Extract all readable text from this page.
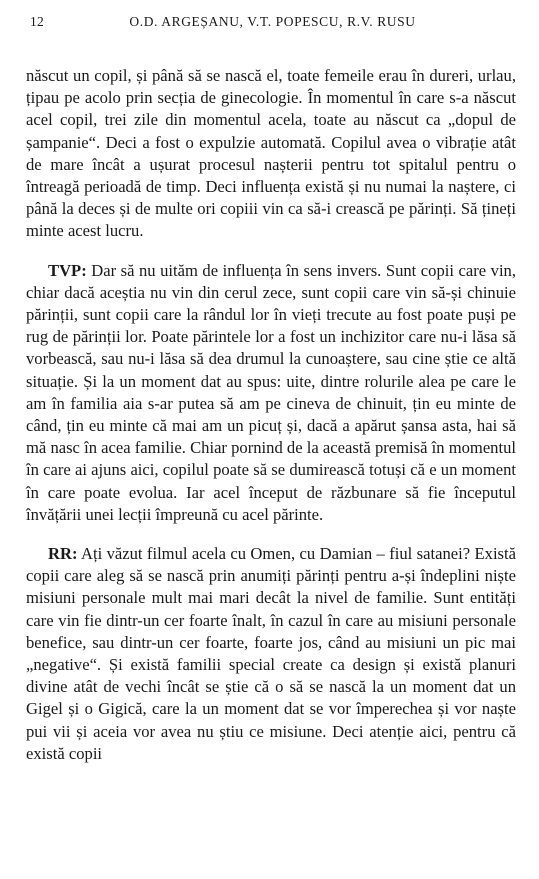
12	O.D. ARGEȘANU, V.T. POPESCU, R.V. RUSU

născut un copil, și până să se nască el, toate femeile erau în dureri, urlau, țipau pe acolo prin secția de ginecologie. În momentul în care s-a născut acel copil, trei zile din momentul acela, toate au născut ca „dopul de șampanie“. Deci a fost o expulzie automată. Copilul avea o vibrație atât de mare încât a ușurat procesul nașterii pentru tot spitalul pentru o întreagă perioadă de timp. Deci influența există și nu numai la naștere, ci până la deces și de multe ori copiii vin ca să-i crească pe părinți. Să țineți minte acest lucru.

TVP: Dar să nu uităm de influența în sens invers. Sunt copii care vin, chiar dacă aceștia nu vin din cerul zece, sunt copii care vin să-și chinuie părinții, sunt copii care la rândul lor în vieți trecute au fost poate puși pe rug de părinții lor. Poate părintele lor a fost un inchizitor care nu-i lăsa să vorbească, sau nu-i lăsa să dea drumul la cunoaștere, sau cine știe ce altă situație. Și la un moment dat au spus: uite, dintre rolurile alea pe care le am în familia aia s-ar putea să am pe cineva de chinuit, țin eu minte de când, țin eu minte că mai am un picuț și, dacă a apărut șansa asta, hai să mă nasc în acea familie. Chiar pornind de la această premisă în momentul în care ai ajuns aici, copilul poate să se dumirească totuși că e un moment în care poate evolua. Iar acel început de răzbunare să fie începutul învățării unei lecții împreună cu acel părinte.

RR: Ați văzut filmul acela cu Omen, cu Damian – fiul satanei? Există copii care aleg să se nască prin anumiți părinți pentru a-și îndeplini niște misiuni personale mult mai mari decât la nivel de familie. Sunt entități care vin fie dintr-un cer foarte înalt, în cazul în care au misiuni personale benefice, sau dintr-un cer foarte, foarte jos, când au misiuni un pic mai „negative“. Și există familii special create ca design și există planuri divine atât de vechi încât se știe că o să se nască la un moment dat un Gigel și o Gigică, care la un moment dat se vor împerechea și vor naște pui vii și aceia vor avea nu știu ce misiune. Deci atenție aici, pentru că există copii
